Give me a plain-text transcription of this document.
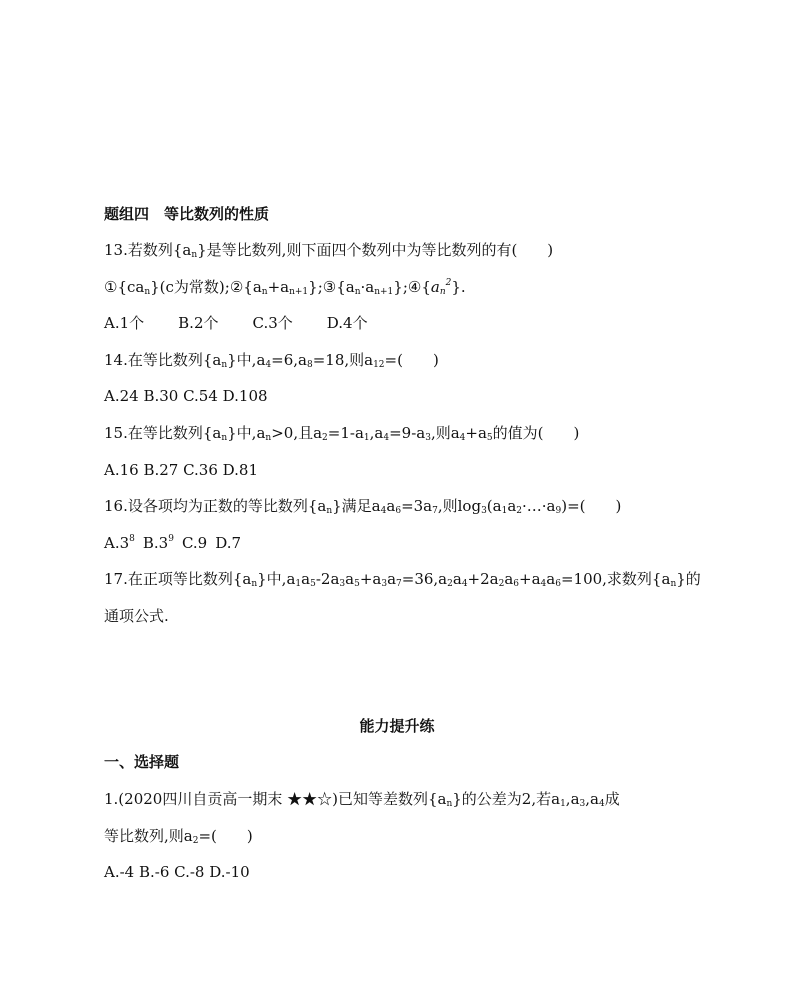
题组四　等比数列的性质
13.若数列$\{a_n\}$是等比数列,则下面四个数列中为等比数列的有(　　)
$①\{ca_n\}(c$为常数)$;②\{a_n+a_{n+1}\};③\{a_n\cdot a_{n+1}\};④\{a_n^2\}$.
A.1个 B.2个 C.3个 D.4个
14.在等比数列$\{a_n\}$中$,a_4=6,a_8=18$,则$a_{12}=$(　　)
A.24 B.30 C.54 D.108
15.在等比数列$\{a_n\}$中$,a_n>0$,且$a_2=1-a_1,a_4=9-a_3$,则$a_4+a_5$的值为(　　)
A.16 B.27 C.36 D.81
16.设各项均为正数的等比数列$\{a_n\}$满足$a_4a_6=3a_7$,则$\log_3(a_1a_2\cdot\dots\cdot a_9)=$(　　)
$A.3^8$ $B.3^9$ C.9 D.7
17.在正项等比数列$\{a_n\}$中$,a_1a_5-2a_3a_5+a_3a_7=36,a_2a_4+2a_2a_6+a_4a_6=100$,求数列$\{a_n\}$的
通项公式.
能力提升练
一、选择题
1.(2020四川自贡高一期末 ★★☆)已知等差数列$\{a_n\}$的公差为2,若$a_1,a_3,a_4$成
等比数列,则$a_2=$(　　)
A.-4 B.-6 C.-8 D.-10
